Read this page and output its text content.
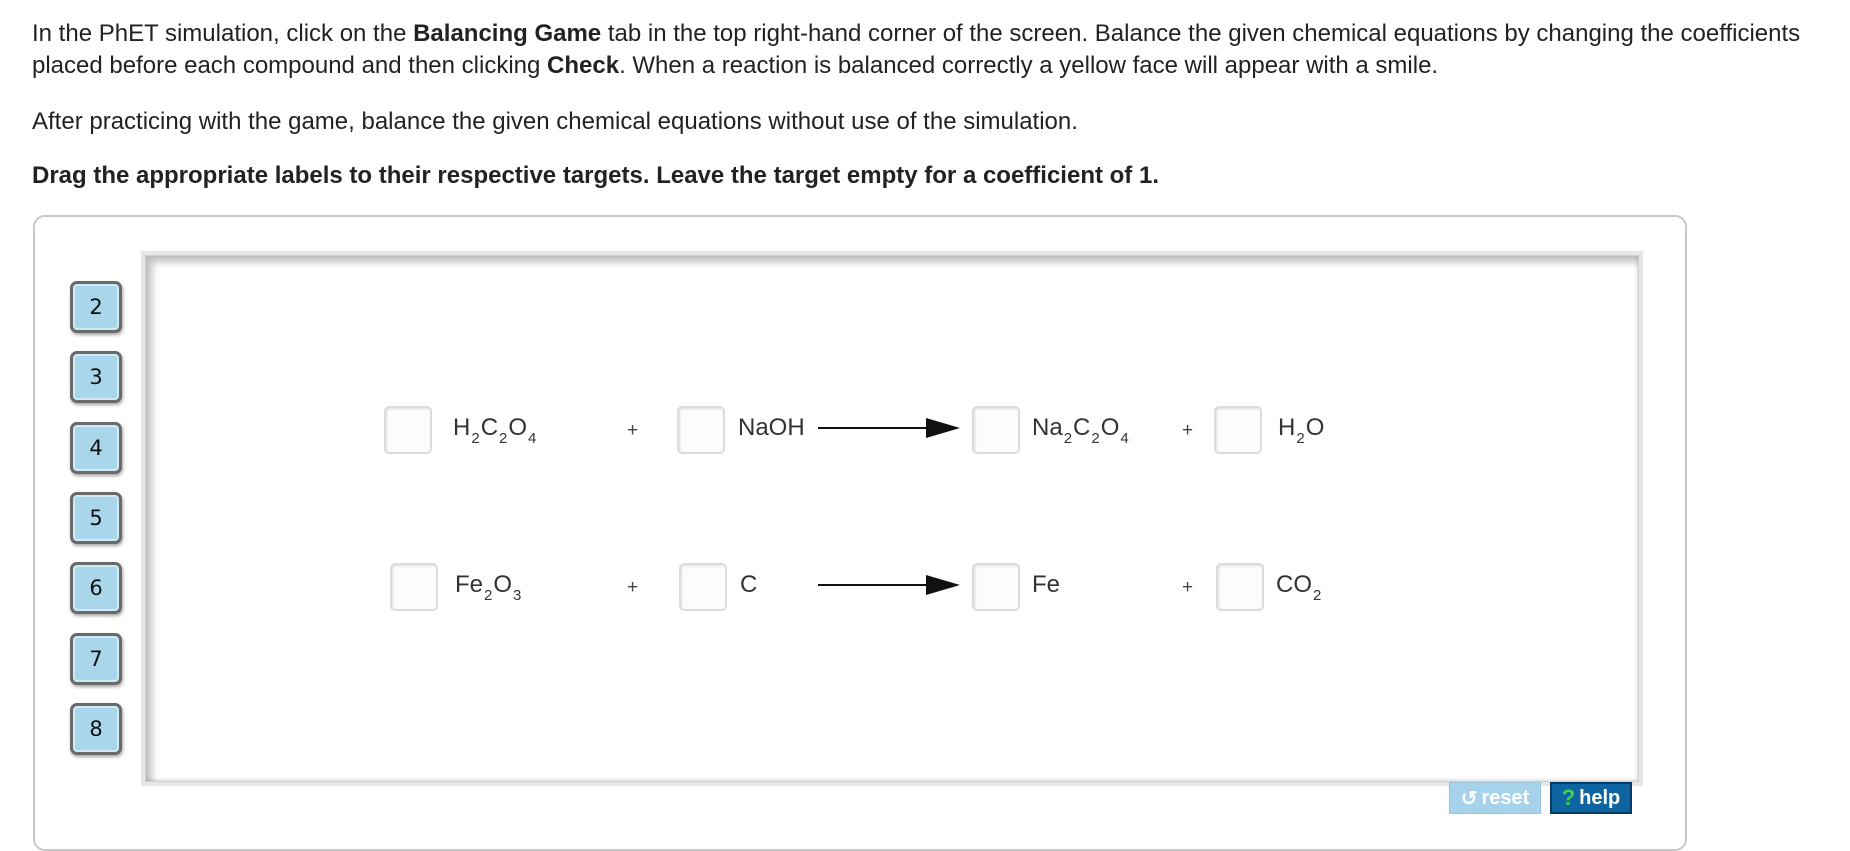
In the PhET simulation, click on the Balancing Game tab in the top right-hand corner of the screen. Balance the given chemical equations by changing the coefficients placed before each compound and then clicking Check. When a reaction is balanced correctly a yellow face will appear with a smile.
After practicing with the game, balance the given chemical equations without use of the simulation.
Drag the appropriate labels to their respective targets. Leave the target empty for a coefficient of 1.
2
3
4
5
6
7
8
$H_2C_2O_4$	+	NaOH	$Na_2C_2O_4$	+	$H_2O$
$Fe_2O_3$	+	C	Fe	+	$CO_2$
↺ reset ? help
